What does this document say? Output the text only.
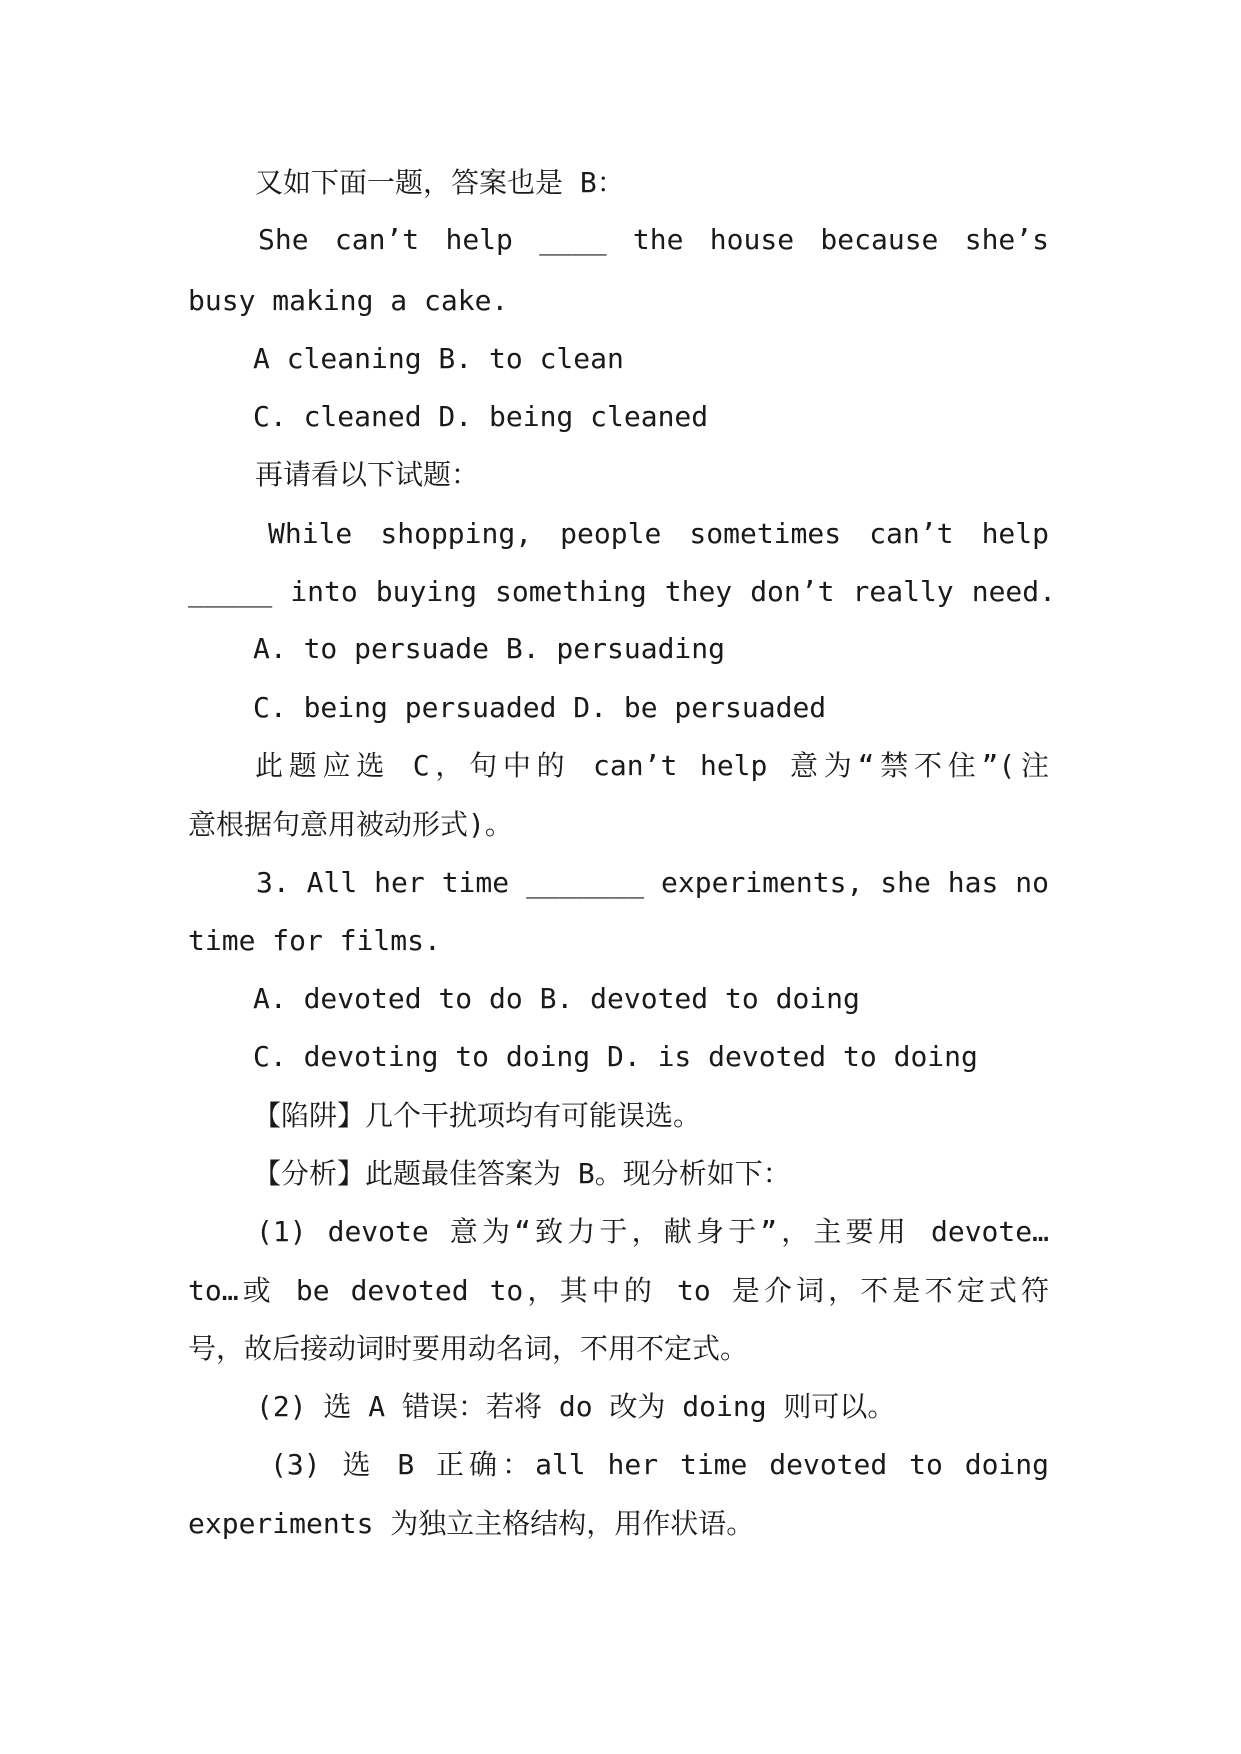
又如下面一题，答案也是 B：

She can’t help ____ the house because she’s

busy making a cake.

A cleaning B. to clean

C. cleaned D. being cleaned

再请看以下试题：

While shopping, people sometimes can’t help

_____ into buying something they don’t really need.

A. to persuade B. persuading

C. being persuaded D. be persuaded

此题应选 C，句中的 can’t help 意为“禁不住”(注

意根据句意用被动形式)。

3. All her time _______ experiments, she has no

time for films.

A. devoted to do B. devoted to doing

C. devoting to doing D. is devoted to doing

【陷阱】几个干扰项均有可能误选。

【分析】此题最佳答案为 B。现分析如下：

(1) devote 意为“致力于，献身于”，主要用 devote…

to…或 be devoted to，其中的 to 是介词，不是不定式符

号，故后接动词时要用动名词，不用不定式。

(2) 选 A 错误：若将 do 改为 doing 则可以。

(3) 选 B 正确：all her time devoted to doing

experiments 为独立主格结构，用作状语。
